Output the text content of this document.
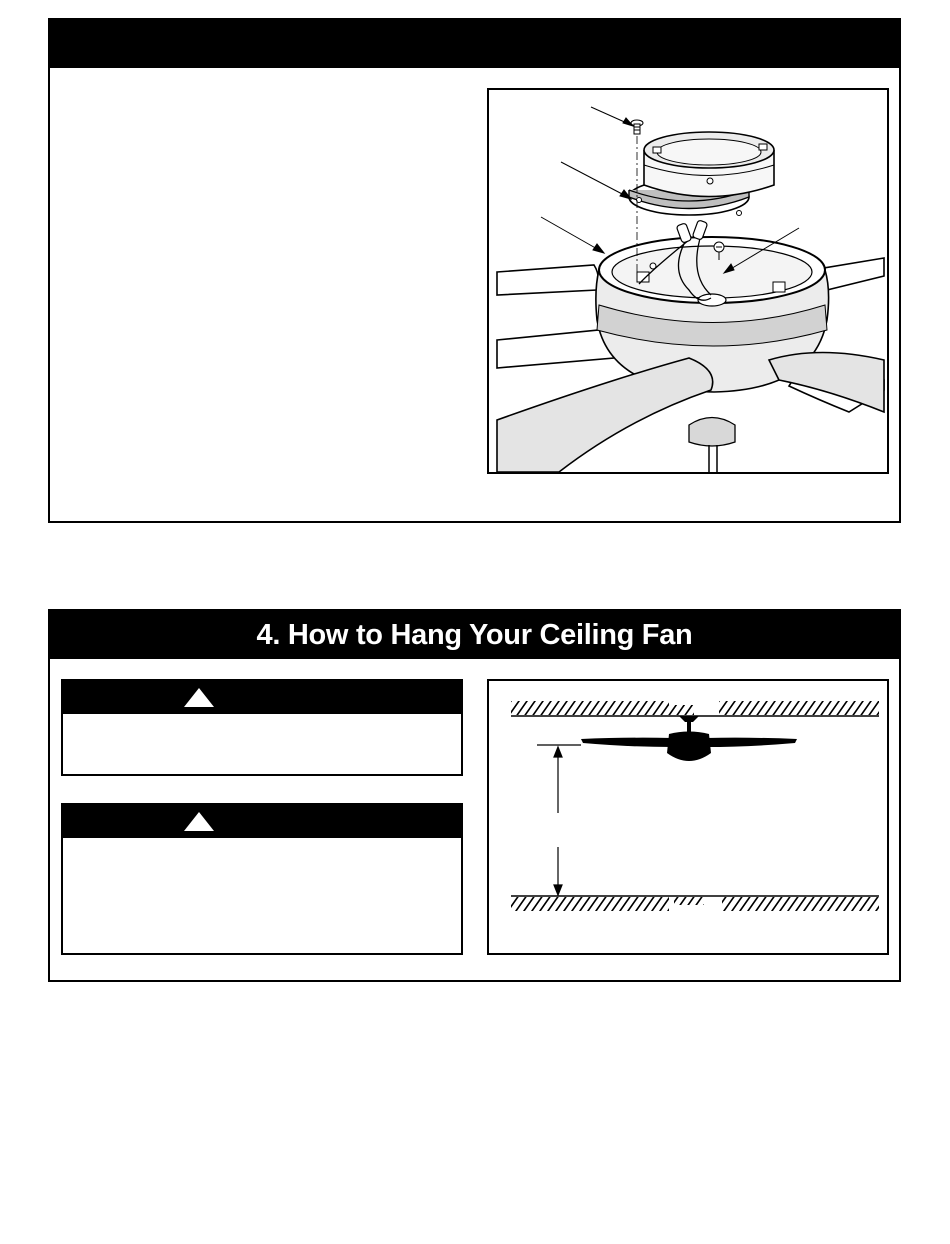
4. How to Hang Your Ceiling Fan
